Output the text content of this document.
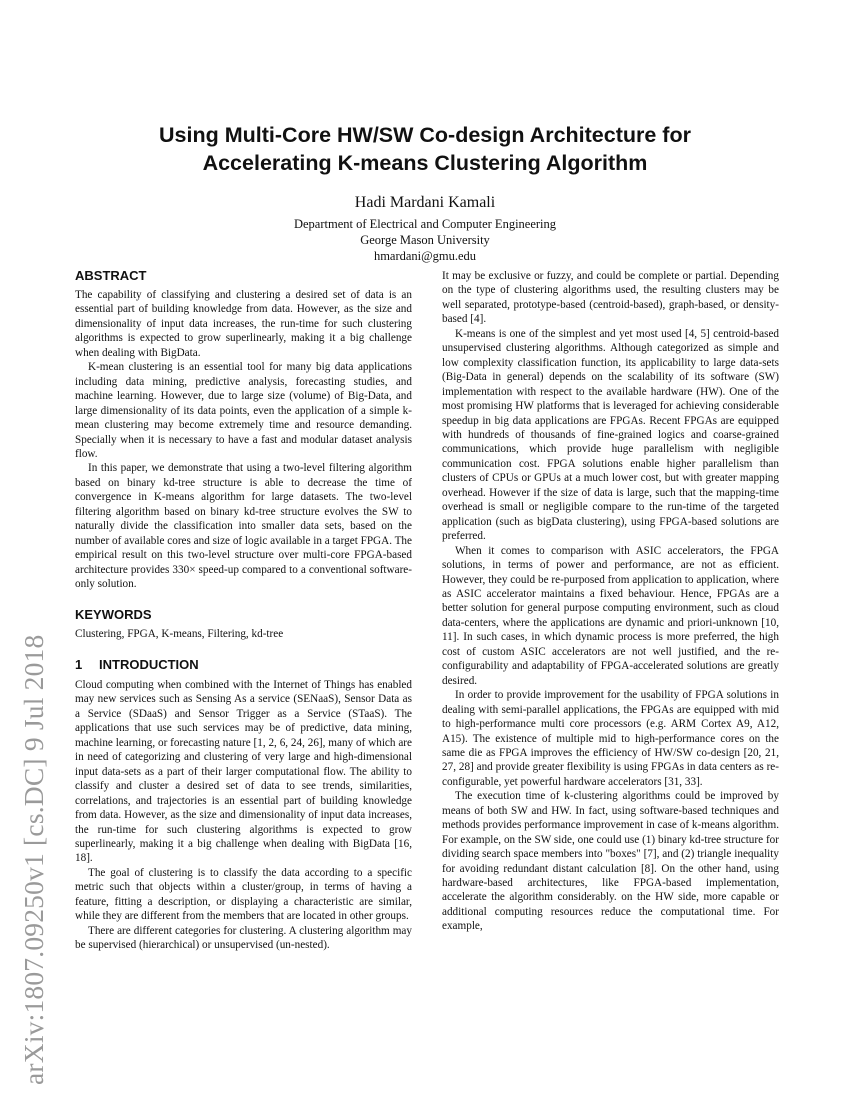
arXiv:1807.09250v1 [cs.DC] 9 Jul 2018
Using Multi-Core HW/SW Co-design Architecture for
Accelerating K-means Clustering Algorithm
Hadi Mardani Kamali
Department of Electrical and Computer Engineering
George Mason University
hmardani@gmu.edu
ABSTRACT

The capability of classifying and clustering a desired set of data is an essential part of building knowledge from data. However, as the size and dimensionality of input data increases, the run-time for such clustering algorithms is expected to grow superlinearly, making it a big challenge when dealing with BigData.

K-mean clustering is an essential tool for many big data applications including data mining, predictive analysis, forecasting studies, and machine learning. However, due to large size (volume) of Big-Data, and large dimensionality of its data points, even the application of a simple k-mean clustering may become extremely time and resource demanding. Specially when it is necessary to have a fast and modular dataset analysis flow.

In this paper, we demonstrate that using a two-level filtering algorithm based on binary kd-tree structure is able to decrease the time of convergence in K-means algorithm for large datasets. The two-level filtering algorithm based on binary kd-tree structure evolves the SW to naturally divide the classification into smaller data sets, based on the number of available cores and size of logic available in a target FPGA. The empirical result on this two-level structure over multi-core FPGA-based architecture provides 330× speed-up compared to a conventional software-only solution.

KEYWORDS

Clustering, FPGA, K-means, Filtering, kd-tree

1 INTRODUCTION

Cloud computing when combined with the Internet of Things has enabled may new services such as Sensing As a service (SENaaS), Sensor Data as a Service (SDaaS) and Sensor Trigger as a Service (STaaS). The applications that use such services may be of predictive, data mining, machine learning, or forecasting nature [1, 2, 6, 24, 26], many of which are in need of categorizing and clustering of very large and high-dimensional input data-sets as a part of their larger computational flow. The ability to classify and cluster a desired set of data to see trends, similarities, correlations, and trajectories is an essential part of building knowledge from data. However, as the size and dimensionality of input data increases, the run-time for such clustering algorithms is expected to grow superlinearly, making it a big challenge when dealing with BigData [16, 18].

The goal of clustering is to classify the data according to a specific metric such that objects within a cluster/group, in terms of having a feature, fitting a description, or displaying a characteristic are similar, while they are different from the members that are located in other groups.

There are different categories for clustering. A clustering algorithm may be supervised (hierarchical) or unsupervised (un-nested).

It may be exclusive or fuzzy, and could be complete or partial. Depending on the type of clustering algorithms used, the resulting clusters may be well separated, prototype-based (centroid-based), graph-based, or density-based [4].

K-means is one of the simplest and yet most used [4, 5] centroid-based unsupervised clustering algorithms. Although categorized as simple and low complexity classification function, its applicability to large data-sets (Big-Data in general) depends on the scalability of its software (SW) implementation with respect to the available hardware (HW). One of the most promising HW platforms that is leveraged for achieving considerable speedup in big data applications are FPGAs. Recent FPGAs are equipped with hundreds of thousands of fine-grained logics and coarse-grained communications, which provide huge parallelism with negligible communication cost. FPGA solutions enable higher parallelism than clusters of CPUs or GPUs at a much lower cost, but with greater mapping overhead. However if the size of data is large, such that the mapping-time overhead is small or negligible compare to the run-time of the targeted application (such as bigData clustering), using FPGA-based solutions are preferred.

When it comes to comparison with ASIC accelerators, the FPGA solutions, in terms of power and performance, are not as efficient. However, they could be re-purposed from application to application, where as ASIC accelerator maintains a fixed behaviour. Hence, FPGAs are a better solution for general purpose computing environment, such as cloud data-centers, where the applications are dynamic and priori-unknown [10, 11]. In such cases, in which dynamic process is more preferred, the high cost of custom ASIC accelerators are not well justified, and the re-configurability and adaptability of FPGA-accelerated solutions are greatly desired.

In order to provide improvement for the usability of FPGA solutions in dealing with semi-parallel applications, the FPGAs are equipped with mid to high-performance multi core processors (e.g. ARM Cortex A9, A12, A15). The existence of multiple mid to high-performance cores on the same die as FPGA improves the efficiency of HW/SW co-design [20, 21, 27, 28] and provide greater flexibility is using FPGAs in data centers as re-configurable, yet powerful hardware accelerators [31, 33].

The execution time of k-clustering algorithms could be improved by means of both SW and HW. In fact, using software-based techniques and methods provides performance improvement in case of k-means algorithm. For example, on the SW side, one could use (1) binary kd-tree structure for dividing search space members into "boxes" [7], and (2) triangle inequality for avoiding redundant distant calculation [8]. On the other hand, using hardware-based architectures, like FPGA-based implementation, accelerate the algorithm considerably. on the HW side, more capable or additional computing resources reduce the computational time. For example,
